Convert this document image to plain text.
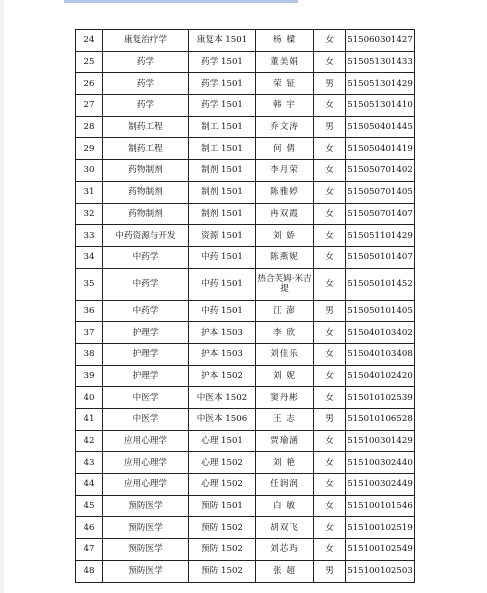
24	康复治疗学	康复本 1501	杨 樑	女	515060301427
25	药学	药学 1501	董美娟	女	515051301433
26	药学	药学 1501	荣 钲	男	515051301429
27	药学	药学 1501	韩 宇	女	515051301410
28	制药工程	制工 1501	乔文涛	男	515050401445
29	制药工程	制工 1501	何 倩	女	515050401419
30	药物制剂	制剂 1501	李月荣	女	515050701402
31	药物制剂	制剂 1501	陈雅婷	女	515050701405
32	药物制剂	制剂 1501	冉双霞	女	515050701407
33	中药资源与开发	资源 1501	刘 娇	女	515051101429
34	中药学	中药 1501	陈燕妮	女	515050101407
35	中药学	中药 1501	热合芙姆·米吉提	女	515050101452
36	中药学	中药 1501	江 澎	男	515050101405
37	护理学	护本 1503	李 欣	女	515040103402
38	护理学	护本 1503	刘佳乐	女	515040103408
39	护理学	护本 1502	刘 妮	女	515040102420
40	中医学	中医本 1502	窦丹彬	女	515010102539
41	中医学	中医本 1506	王 志	男	515010106528
42	应用心理学	心理 1501	贾瑜涵	女	515100301429
43	应用心理学	心理 1502	刘 艳	女	515100302440
44	应用心理学	心理 1502	任润润	女	515100302449
45	预防医学	预防 1501	白 敏	女	515100101546
46	预防医学	预防 1502	胡双飞	女	515100102519
47	预防医学	预防 1502	刘芯玙	女	515100102549
48	预防医学	预防 1502	张 超	男	515100102503
